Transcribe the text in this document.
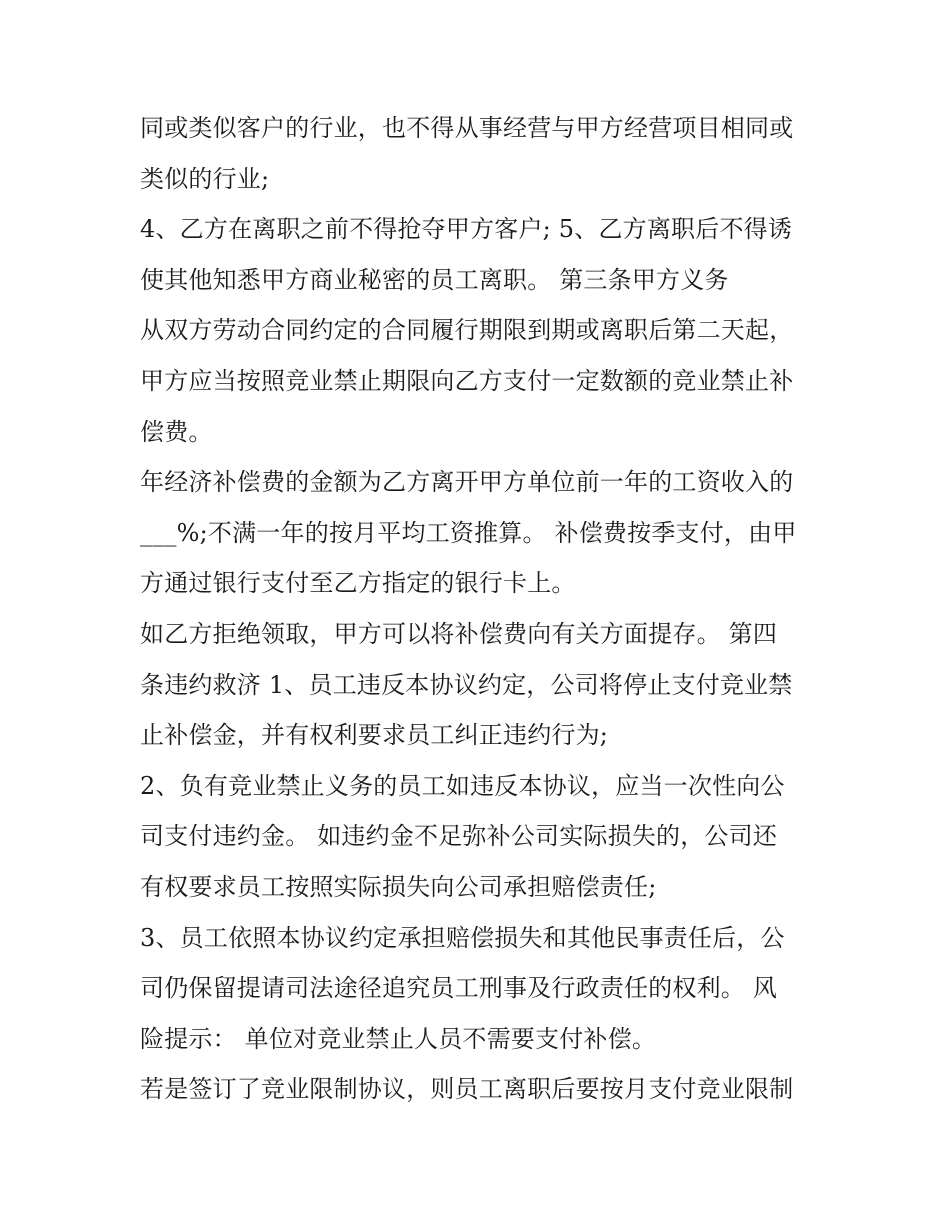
同或类似客户的行业，也不得从事经营与甲方经营项目相同或
类似的行业;
4、乙方在离职之前不得抢夺甲方客户; 5、乙方离职后不得诱
使其他知悉甲方商业秘密的员工离职。 第三条甲方义务
从双方劳动合同约定的合同履行期限到期或离职后第二天起，
甲方应当按照竞业禁止期限向乙方支付一定数额的竞业禁止补
偿费。
年经济补偿费的金额为乙方离开甲方单位前一年的工资收入的
___%;不满一年的按月平均工资推算。 补偿费按季支付，由甲
方通过银行支付至乙方指定的银行卡上。
如乙方拒绝领取，甲方可以将补偿费向有关方面提存。 第四
条违约救济 1、员工违反本协议约定，公司将停止支付竞业禁
止补偿金，并有权利要求员工纠正违约行为;
2、负有竞业禁止义务的员工如违反本协议，应当一次性向公
司支付违约金。 如违约金不足弥补公司实际损失的，公司还
有权要求员工按照实际损失向公司承担赔偿责任;
3、员工依照本协议约定承担赔偿损失和其他民事责任后，公
司仍保留提请司法途径追究员工刑事及行政责任的权利。 风
险提示： 单位对竞业禁止人员不需要支付补偿。
若是签订了竞业限制协议，则员工离职后要按月支付竞业限制
